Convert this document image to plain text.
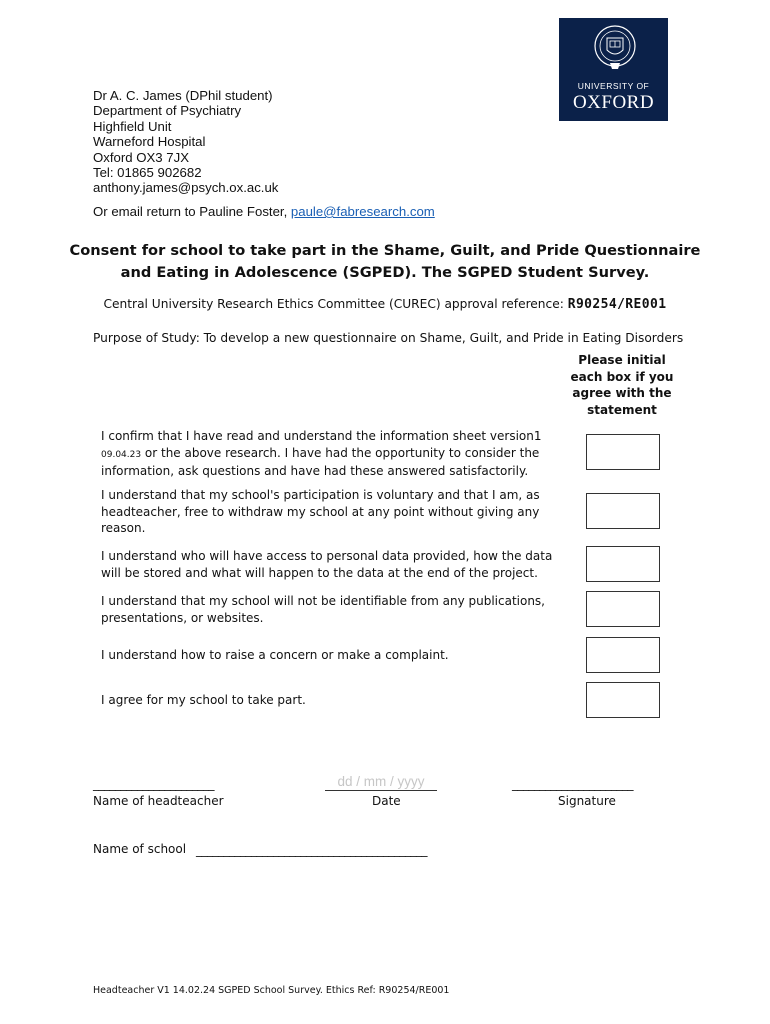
UNIVERSITY OF
OXFORD
Dr A. C. James (DPhil student)
Department of Psychiatry
Highfield Unit
Warneford Hospital
Oxford OX3 7JX
Tel: 01865 902682
anthony.james@psych.ox.ac.uk
Or email return to Pauline Foster, paule@fabresearch.com
Consent for school to take part in the Shame, Guilt, and Pride Questionnaire
and Eating in Adolescence (SGPED). The SGPED Student Survey.
Central University Research Ethics Committee (CUREC) approval reference: R90254/RE001
Purpose of Study: To develop a new questionnaire on Shame, Guilt, and Pride in Eating Disorders
Please initial each box if you agree with the statement
I confirm that I have read and understand the information sheet version1
09.04.23 or the above research. I have had the opportunity to consider the information, ask questions and have had these answered satisfactorily.
I understand that my school's participation is voluntary and that I am, as headteacher, free to withdraw my school at any point without giving any reason.
I understand who will have access to personal data provided, how the data will be stored and what will happen to the data at the end of the project.
I understand that my school will not be identifiable from any publications, presentations, or websites.
I understand how to raise a concern or make a complaint.
I agree for my school to take part.
______________________
Name of headteacher
dd / mm / yyyy	Date
______________________
Signature
Name of school __________________________________________
Headteacher V1 14.02.24 SGPED School Survey. Ethics Ref: R90254/RE001
